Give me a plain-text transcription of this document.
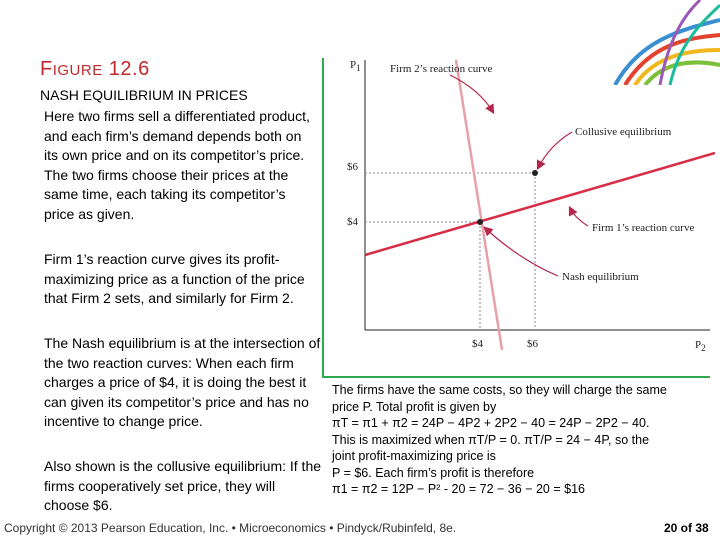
FIGURE 12.6
NASH EQUILIBRIUM IN PRICES
Here two firms sell a differentiated product, and each firm’s demand depends both on its own price and on its competitor’s price. The two firms choose their prices at the same time, each taking its competitor’s price as given.
Firm 1’s reaction curve gives its profit-maximizing price as a function of the price that Firm 2 sets, and similarly for Firm 2.
The Nash equilibrium is at the intersection of the two reaction curves: When each firm charges a price of $4, it is doing the best it can given its competitor’s price and has no incentive to change price.
Also shown is the collusive equilibrium: If the firms cooperatively set price, they will choose $6.
$P_1$
$P_2$
$6
$4
$4	$6
Firm 2’s reaction curve
Collusive equilibrium
Firm 1’s reaction curve
Nash equilibrium
The firms have the same costs, so they will charge the same
price P. Total profit is given by
πT = π1 + π2 = 24P − 4P2 + 2P2 − 40 = 24P − 2P2 − 40.
This is maximized when πT/P = 0. πT/P = 24 − 4P, so the
joint profit-maximizing price is
P = $6. Each firm’s profit is therefore
π1 = π2 = 12P − P² - 20 = 72 − 36 − 20 = $16
Copyright © 2013 Pearson Education, Inc. • Microeconomics • Pindyck/Rubinfeld, 8e.	20 of 38
